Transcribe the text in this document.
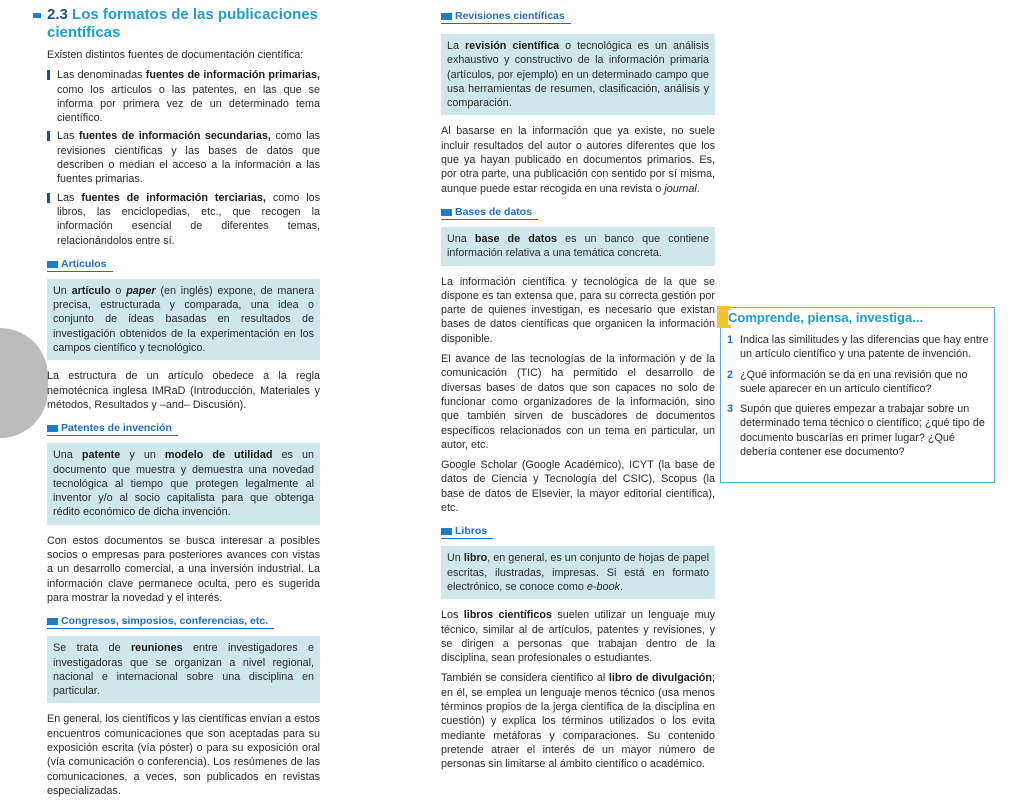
2.3 Los formatos de las publicaciones
científicas

Existen distintos fuentes de documentación científica:

Las denominadas fuentes de información primarias, como los artículos o las patentes, en las que se informa por primera vez de un determinado tema científico.
Las fuentes de información secundarias, como las revisiones científicas y las bases de datos que describen o median el acceso a la información a las fuentes primarias.
Las fuentes de información terciarias, como los libros, las enciclopedias, etc., que recogen la información esencial de diferentes temas, relacionándolos entre sí.
Artículos
Un artículo o paper (en inglés) expone, de manera precisa, estructurada y comparada, una idea o conjunto de ideas basadas en resultados de investigación obtenidos de la experimentación en los campos científico y tecnológico.

La estructura de un artículo obedece a la regla nemotécnica inglesa IMRaD (Introducción, Materiales y métodos, Resultados y –and– Discusión).

Patentes de invención
Una patente y un modelo de utilidad es un documento que muestra y demuestra una novedad tecnológica al tiempo que protegen legalmente al inventor y/o al socio capitalista para que obtenga rédito económico de dicha invención.

Con estos documentos se busca interesar a posibles socios o empresas para posteriores avances con vistas a un desarrollo comercial, a una inversión industrial. La información clave permanece oculta, pero es sugerida para mostrar la novedad y el interés.

Congresos, simposios, conferencias, etc.
Se trata de reuniones entre investigadores e investigadoras que se organizan a nivel regional, nacional e internacional sobre una disciplina en particular.

En general, los científicos y las científicas envían a estos encuentros comunicaciones que son aceptadas para su exposición escrita (vía póster) o para su exposición oral (vía comunicación o conferencia). Los resúmenes de las comunicaciones, a veces, son publicados en revistas especializadas.

Revisiones científicas
La revisión científica o tecnológica es un análisis exhaustivo y constructivo de la información primaria (artículos, por ejemplo) en un determinado campo que usa herramientas de resumen, clasificación, análisis y comparación.

Al basarse en la información que ya existe, no suele incluir resultados del autor o autores diferentes que los que ya hayan publicado en documentos primarios. Es, por otra parte, una publicación con sentido por sí misma, aunque puede estar recogida en una revista o journal.

Bases de datos
Una base de datos es un banco que contiene información relativa a una temática concreta.

La información científica y tecnológica de la que se dispone es tan extensa que, para su correcta gestión por parte de quienes investigan, es necesario que existan bases de datos científicas que organicen la información disponible.

El avance de las tecnologías de la información y de la comunicación (TIC) ha permitido el desarrollo de diversas bases de datos que son capaces no solo de funcionar como organizadores de la información, sino que también sirven de buscadores de documentos específicos relacionados con un tema en particular, un autor, etc.

Google Scholar (Google Académico), ICYT (la base de datos de Ciencia y Tecnología del CSIC), Scopus (la base de datos de Elsevier, la mayor editorial científica), etc.

Libros
Un libro, en general, es un conjunto de hojas de papel escritas, ilustradas, impresas. Si está en formato electrónico, se conoce como e-book.

Los libros científicos suelen utilizar un lenguaje muy técnico, similar al de artículos, patentes y revisiones, y se dirigen a personas que trabajan dentro de la disciplina, sean profesionales o estudiantes.

También se considera científico al libro de divulgación; en él, se emplea un lenguaje menos técnico (usa menos términos propios de la jerga científica de la disciplina en cuestión) y explica los términos utilizados o los evita mediante metáforas y comparaciones. Su contenido pretende atraer el interés de un mayor número de personas sin limitarse al ámbito científico o académico.

Comprende, piensa, investiga...
1 Indica las similitudes y las diferencias que hay entre un artículo científico y una patente de invención.
2 ¿Qué información se da en una revisión que no suele aparecer en un artículo científico?
3 Supón que quieres empezar a trabajar sobre un determinado tema técnico o científico; ¿qué tipo de documento buscarías en primer lugar? ¿Qué debería contener ese documento?
